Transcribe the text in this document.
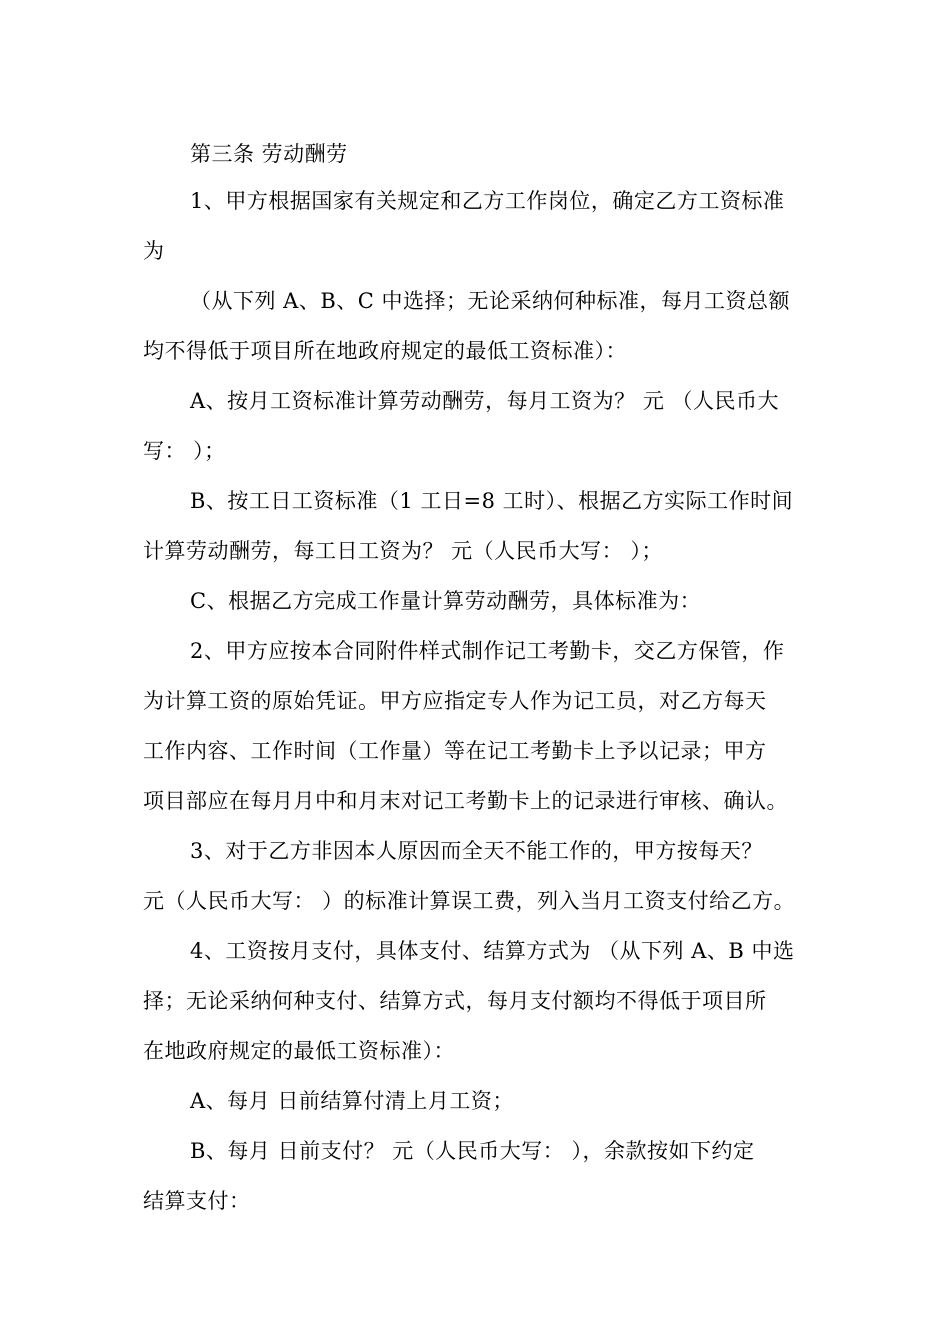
第三条 劳动酬劳
1、甲方根据国家有关规定和乙方工作岗位，确定乙方工资标准
为
（从下列 A、B、C 中选择；无论采纳何种标准，每月工资总额
均不得低于项目所在地政府规定的最低工资标准）：
A、按月工资标准计算劳动酬劳，每月工资为？ 元 （人民币大
写： ）；
B、按工日工资标准（1 工日=8 工时）、根据乙方实际工作时间
计算劳动酬劳，每工日工资为？ 元（人民币大写： ）；
C、根据乙方完成工作量计算劳动酬劳，具体标准为：
2、甲方应按本合同附件样式制作记工考勤卡，交乙方保管，作
为计算工资的原始凭证。甲方应指定专人作为记工员，对乙方每天
工作内容、工作时间（工作量）等在记工考勤卡上予以记录；甲方
项目部应在每月月中和月末对记工考勤卡上的记录进行审核、确认。
3、对于乙方非因本人原因而全天不能工作的，甲方按每天？
元（人民币大写： ）的标准计算误工费，列入当月工资支付给乙方。
4、工资按月支付，具体支付、结算方式为 （从下列 A、B 中选
择；无论采纳何种支付、结算方式，每月支付额均不得低于项目所
在地政府规定的最低工资标准）：
A、每月 日前结算付清上月工资；
B、每月 日前支付？ 元（人民币大写： ），余款按如下约定
结算支付：
